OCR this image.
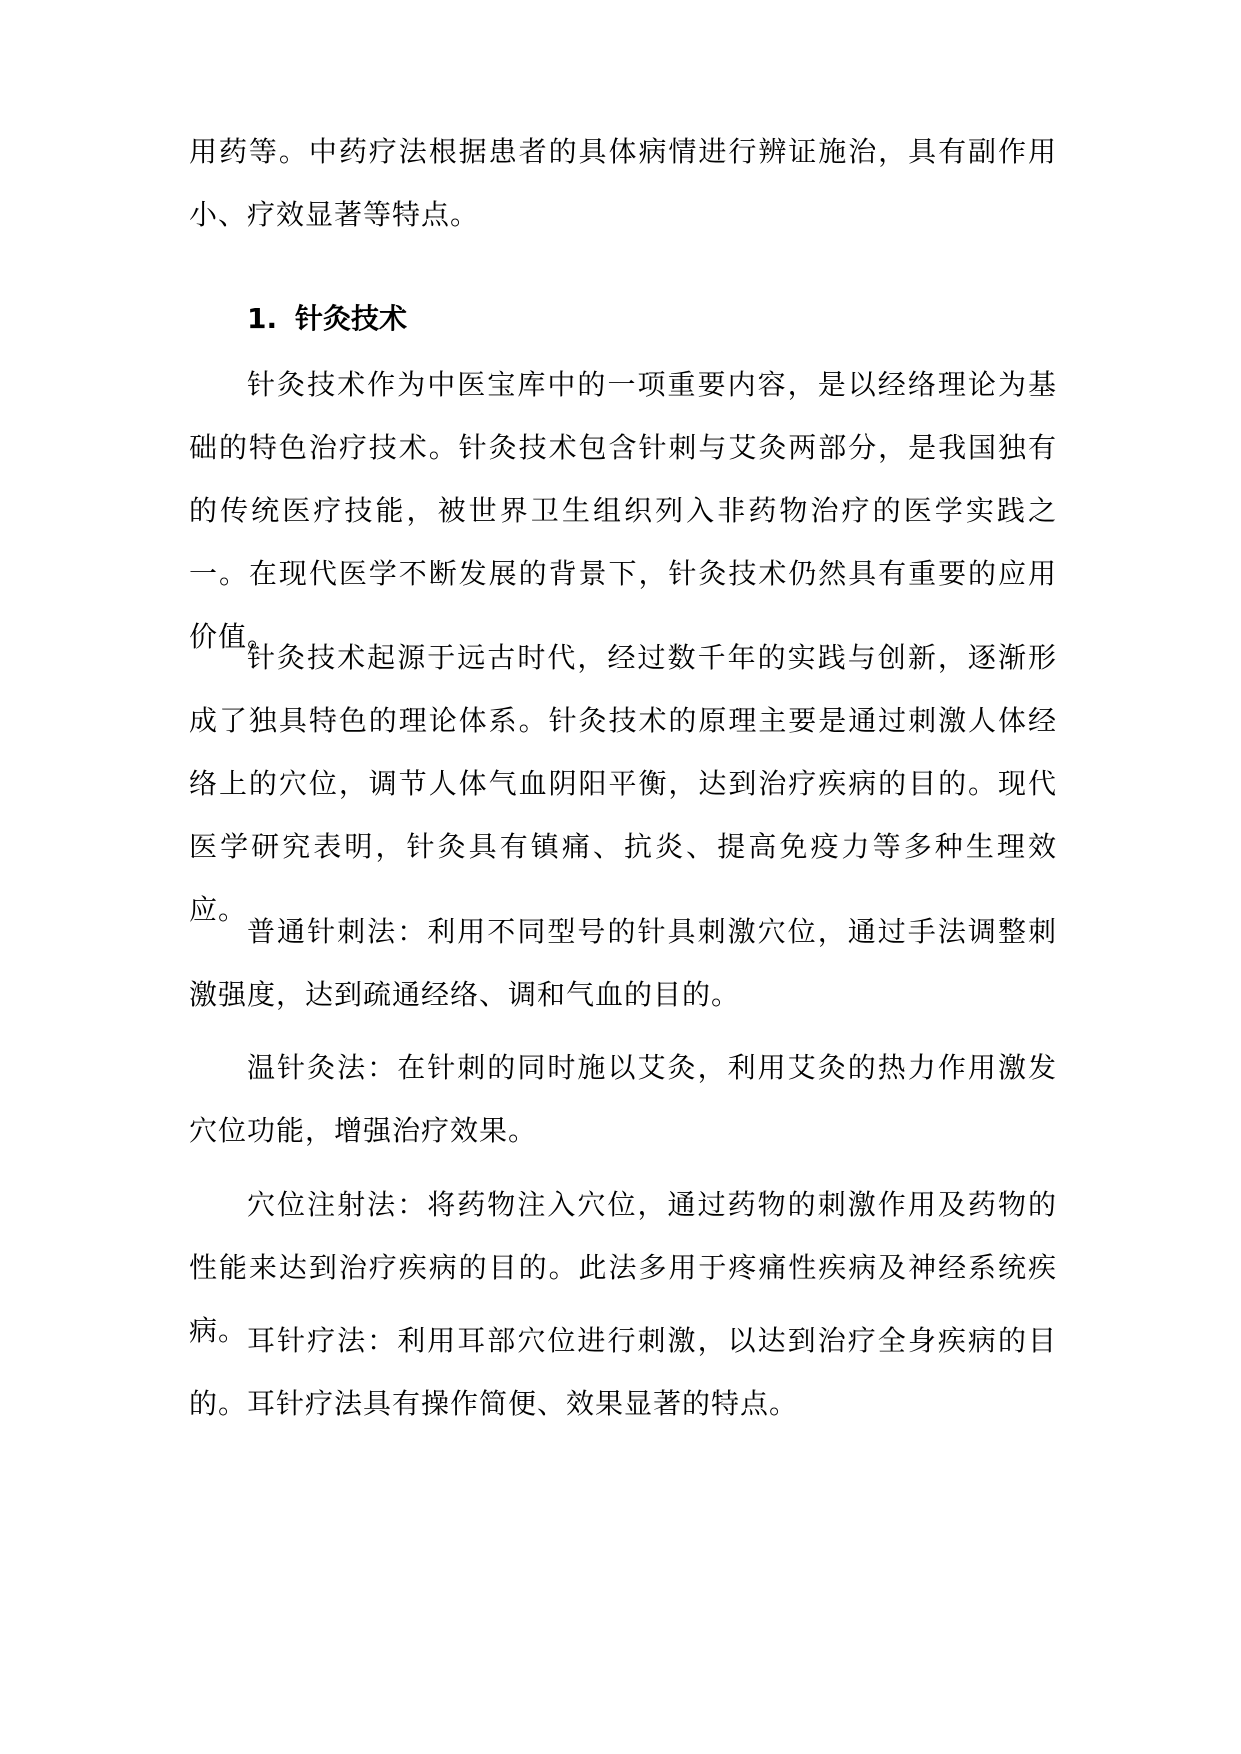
用药等。中药疗法根据患者的具体病情进行辨证施治，具有副作用小、疗效显著等特点。

1. 针灸技术

针灸技术作为中医宝库中的一项重要内容，是以经络理论为基础的特色治疗技术。针灸技术包含针刺与艾灸两部分，是我国独有的传统医疗技能，被世界卫生组织列入非药物治疗的医学实践之一。在现代医学不断发展的背景下，针灸技术仍然具有重要的应用价值。

针灸技术起源于远古时代，经过数千年的实践与创新，逐渐形成了独具特色的理论体系。针灸技术的原理主要是通过刺激人体经络上的穴位，调节人体气血阴阳平衡，达到治疗疾病的目的。现代医学研究表明，针灸具有镇痛、抗炎、提高免疫力等多种生理效应。

普通针刺法：利用不同型号的针具刺激穴位，通过手法调整刺激强度，达到疏通经络、调和气血的目的。

温针灸法：在针刺的同时施以艾灸，利用艾灸的热力作用激发穴位功能，增强治疗效果。

穴位注射法：将药物注入穴位，通过药物的刺激作用及药物的性能来达到治疗疾病的目的。此法多用于疼痛性疾病及神经系统疾病。 耳针疗法：利用耳部穴位进行刺激，以达到治疗全身疾病的目的。耳针疗法具有操作简便、效果显著的特点。
